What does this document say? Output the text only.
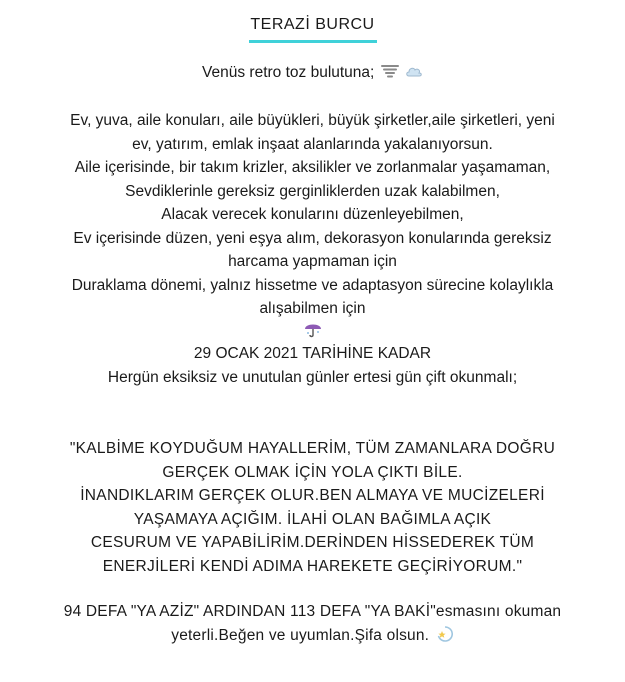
TERAZİ BURCU
Venüs retro toz bulutuna;
Ev, yuva, aile konuları, aile büyükleri, büyük şirketler,aile şirketleri, yeni
ev, yatırım, emlak inşaat alanlarında yakalanıyorsun.
Aile içerisinde, bir takım krizler, aksilikler ve zorlanmalar yaşamaman,
Sevdiklerinle gereksiz gerginliklerden uzak kalabilmen,
Alacak verecek konularını düzenleyebilmen,
Ev içerisinde düzen, yeni eşya alım, dekorasyon konularında gereksiz
harcama yapmaman için
Duraklama dönemi, yalnız hissetme ve adaptasyon sürecine kolaylıkla
alışabilmen için
29 OCAK 2021 TARİHİNE KADAR
Hergün eksiksiz ve unutulan günler ertesi gün çift okunmalı;
"KALBİME KOYDUĞUM HAYALLERİM, TÜM ZAMANLARA DOĞRU
GERÇEK OLMAK İÇİN YOLA ÇIKTI BİLE.
İNANDIKLARIM GERÇEK OLUR.BEN ALMAYA VE MUCİZELERİ
YAŞAMAYA AÇIĞIM. İLAHİ OLAN BAĞIMLA AÇIK
CESURUM VE YAPABİLİRİM.DERİNDEN HİSSEDEREK TÜM
ENERJİLERİ KENDİ ADIMA HAREKETE GEÇİRİYORUM."
94 DEFA "YA AZİZ" ARDINDAN 113 DEFA "YA BAKİ"esmasını okuman
yeterli.Beğen ve uyumlan.Şifa olsun.
